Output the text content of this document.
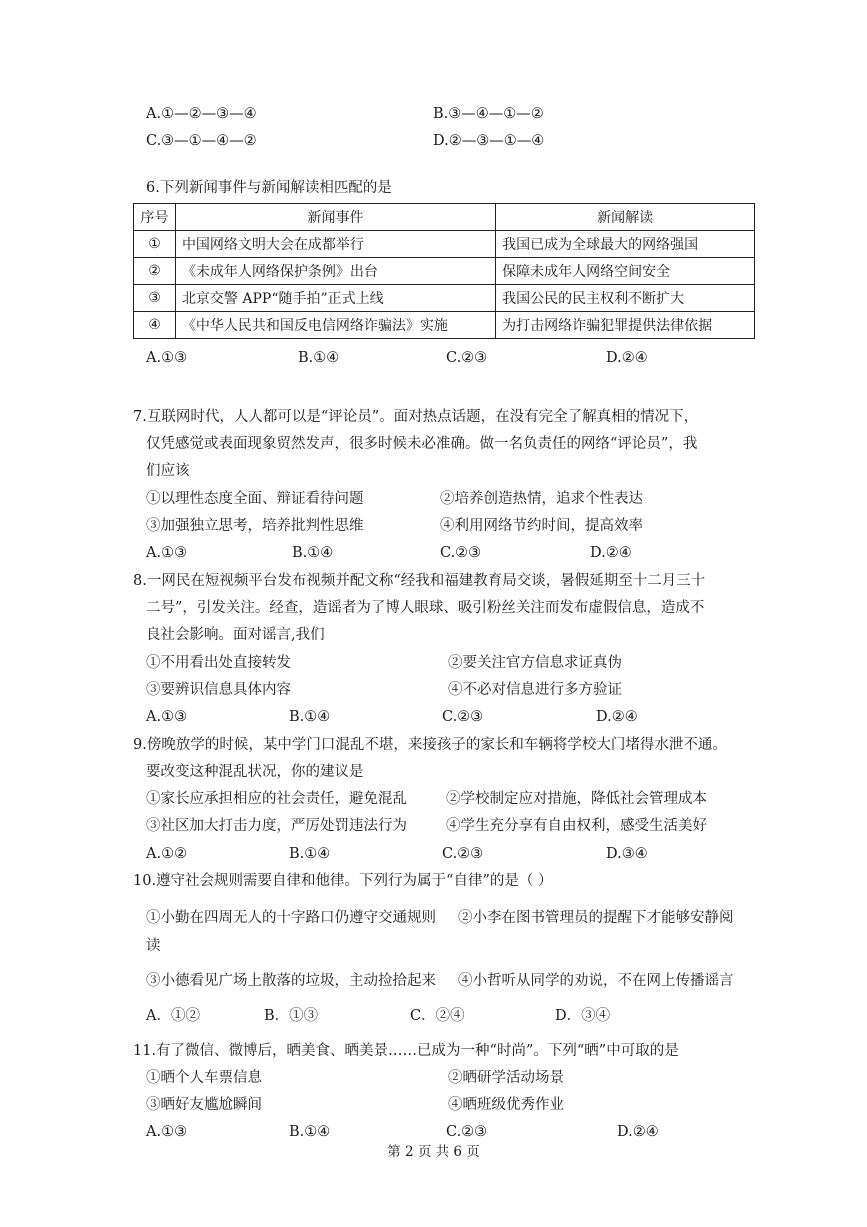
A.①—②—③—④	B.③—④—①—②
C.③—①—④—②	D.②—③—①—④
6.下列新闻事件与新闻解读相匹配的是
序号	新闻事件	新闻解读
①	中国网络文明大会在成都举行	我国已成为全球最大的网络强国
②	《未成年人网络保护条例》出台	保障未成年人网络空间安全
③	北京交警 APP“随手拍”正式上线	我国公民的民主权利不断扩大
④	《中华人民共和国反电信网络诈骗法》实施	为打击网络诈骗犯罪提供法律依据
A.①③	B.①④	C.②③	D.②④
7.互联网时代，人人都可以是“评论员”。面对热点话题，在没有完全了解真相的情况下，
仅凭感觉或表面现象贸然发声，很多时候未必准确。做一名负责任的网络“评论员”，我
们应该
①以理性态度全面、辩证看待问题	②培养创造热情，追求个性表达
③加强独立思考，培养批判性思维	④利用网络节约时间，提高效率
A.①③	B.①④	C.②③	D.②④
8.一网民在短视频平台发布视频并配文称“经我和福建教育局交谈，暑假延期至十二月三十
二号”，引发关注。经查，造谣者为了博人眼球、吸引粉丝关注而发布虚假信息，造成不
良社会影响。面对谣言,我们
①不用看出处直接转发	②要关注官方信息求证真伪
③要辨识信息具体内容	④不必对信息进行多方验证
A.①③	B.①④	C.②③	D.②④
9.傍晚放学的时候，某中学门口混乱不堪，来接孩子的家长和车辆将学校大门堵得水泄不通。
要改变这种混乱状况，你的建议是
①家长应承担相应的社会责任，避免混乱	②学校制定应对措施，降低社会管理成本
③社区加大打击力度，严厉处罚违法行为	④学生充分享有自由权利，感受生活美好
A.①②	B.①④	C.②③	D.③④
10.遵守社会规则需要自律和他律。下列行为属于“自律”的是（ ）
①小勤在四周无人的十字路口仍遵守交通规则 ②小李在图书管理员的提醒下才能够安静阅
读
③小德看见广场上散落的垃圾，主动捡拾起来 ④小哲听从同学的劝说，不在网上传播谣言
A．①②	B．①③	C．②④	D．③④
11.有了微信、微博后，晒美食、晒美景……已成为一种“时尚”。下列“晒”中可取的是
①晒个人车票信息	②晒研学活动场景
③晒好友尴尬瞬间	④晒班级优秀作业
A.①③	B.①④	C.②③	D.②④
第 2 页 共 6 页
